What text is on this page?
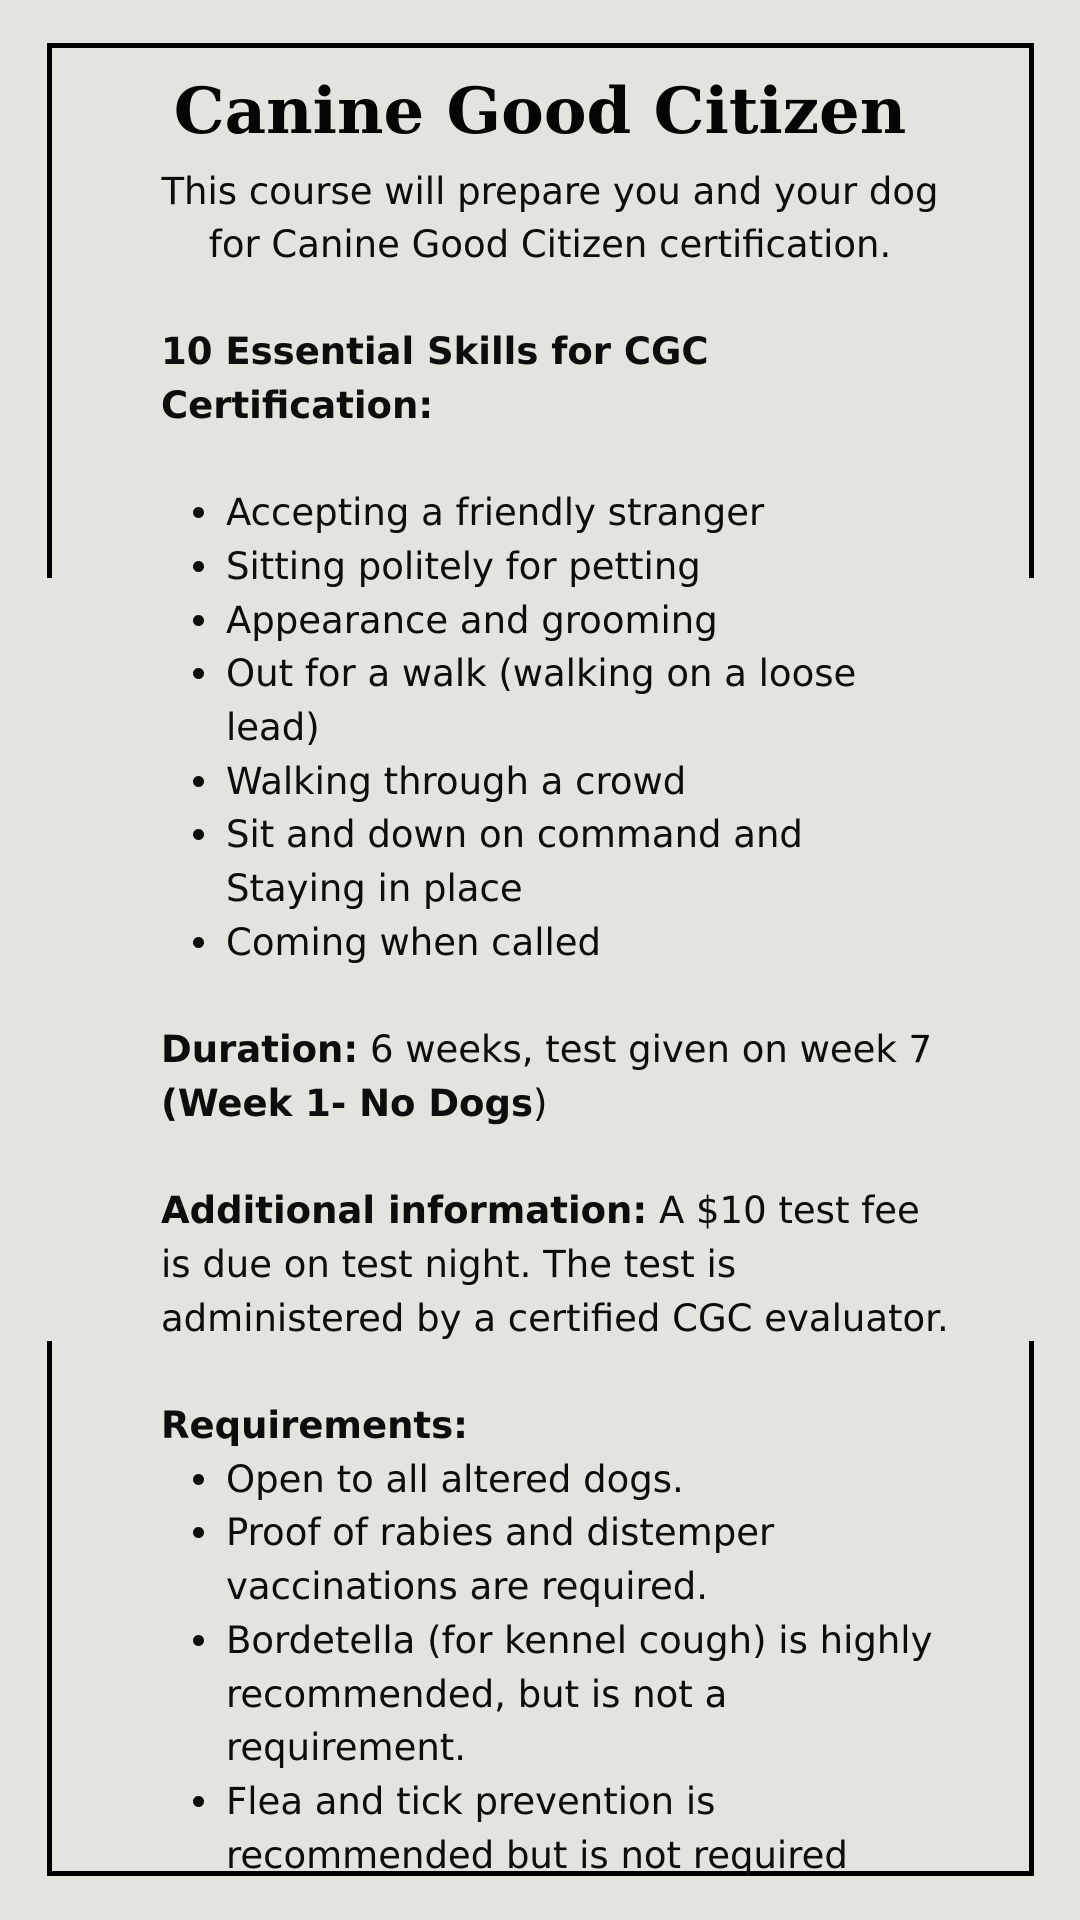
Canine Good Citizen

This course will prepare you and your dog for Canine Good Citizen certification.

10 Essential Skills for CGC Certification:

Accepting a friendly stranger
Sitting politely for petting
Appearance and grooming
Out for a walk (walking on a loose lead)
Walking through a crowd
Sit and down on command and Staying in place
Coming when called

Duration: 6 weeks, test given on week 7

(Week 1- No Dogs)

Additional information: A $10 test fee is due on test night. The test is administered by a certified CGC evaluator.

Requirements:

Open to all altered dogs.
Proof of rabies and distemper vaccinations are required.
Bordetella (for kennel cough) is highly recommended, but is not a requirement.
Flea and tick prevention is recommended but is not required
